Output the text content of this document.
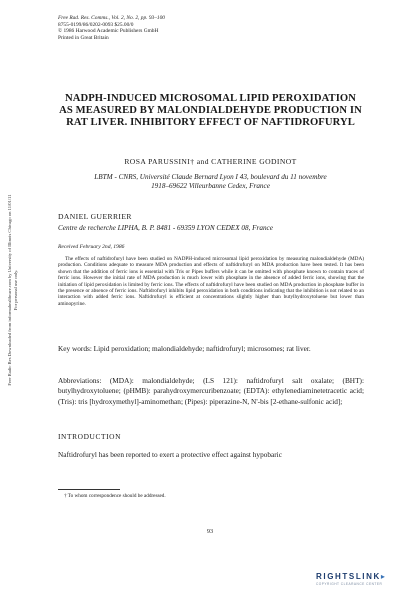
Free Radic Res Downloaded from informahealthcare.com by University of Illinois Chicago on 11/01/11 For personal use only.
Free Rad. Res. Comms., Vol. 2, No. 2, pp. 93–100
8755-0199/86/0202-0093 $25.00/0
© 1986 Harwood Academic Publishers GmbH
Printed in Great Britain
NADPH-INDUCED MICROSOMAL LIPID PEROXIDATION AS MEASURED BY MALONDIALDEHYDE PRODUCTION IN RAT LIVER. INHIBITORY EFFECT OF NAFTIDROFURYL
ROSA PARUSSINI† and CATHERINE GODINOT
LBTM - CNRS, Université Claude Bernard Lyon I 43, boulevard du 11 novembre
1918–69622 Villeurbanne Cedex, France
DANIEL GUERRIER
Centre de recherche LIPHA, B. P. 8481 - 69359 LYON CEDEX 08, France
Received February 2nd, 1986

The effects of naftidrofuryl have been studied on NADPH-induced microsomal lipid peroxidation by measuring malondialdehyde (MDA) production. Conditions adequate to measure MDA production and effects of naftidrofuryl on MDA production have been tested. It has been shown that the addition of ferric ions is essential with Tris or Pipes buffers while it can be omitted with phosphate known to contain traces of ferric ions. However the initial rate of MDA production is much lower with phosphate in the absence of added ferric ions, showing that the initiation of lipid peroxidation is limited by ferric ions. The effects of naftidrofuryl have been studied on MDA production in phosphate buffer in the presence or absence of ferric ions. Naftidrofuryl inhibits lipid peroxidation in both conditions indicating that the inhibition is not related to an interaction with added ferric ions. Naftidrofuryl is efficient at concentrations slightly higher than butylhydroxytoluene but lower than aminopyrine.

Key words: Lipid peroxidation; malondialdehyde; naftidrofuryl; microsomes; rat liver.

Abbreviations: (MDA): malondialdehyde; (LS 121): naftidrofuryl salt oxalate; (BHT): butylhydroxytoluene; (pHMB): parahydroxymercuribenzoate; (EDTA): ethylenediaminetetracetic acid; (Tris): tris [hydroxymethyl]-aminomethan; (Pipes): piperazine-N, N'-bis [2-ethane-sulfonic acid];

INTRODUCTION

Naftidrofuryl has been reported to exert a protective effect against hypobaric

† To whom correspondence should be addressed.
93
RIGHTSLINK▸
COPYRIGHT CLEARANCE CENTER
